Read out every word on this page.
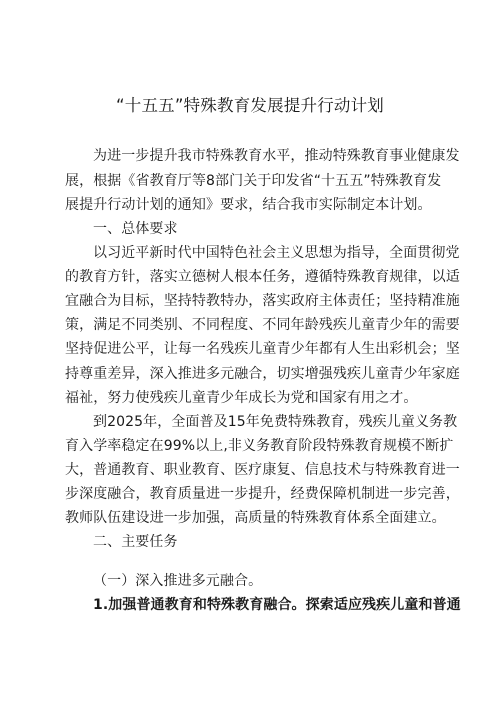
“十五五”特殊教育发展提升行动计划
为进一步提升我市特殊教育水平，推动特殊教育事业健康发
展，根据《省教育厅等8部门关于印发省“十五五”特殊教育发
展提升行动计划的通知》要求，结合我市实际制定本计划。
一、总体要求
以习近平新时代中国特色社会主义思想为指导，全面贯彻党
的教育方针，落实立德树人根本任务，遵循特殊教育规律，以适
宜融合为目标，坚持特教特办，落实政府主体责任；坚持精准施
策，满足不同类别、不同程度、不同年龄残疾儿童青少年的需要
坚持促进公平，让每一名残疾儿童青少年都有人生出彩机会；坚
持尊重差异，深入推进多元融合，切实增强残疾儿童青少年家庭
福祉，努力使残疾儿童青少年成长为党和国家有用之才。
到2025年，全面普及15年免费特殊教育，残疾儿童义务教
育入学率稳定在99%以上,非义务教育阶段特殊教育规模不断扩
大，普通教育、职业教育、医疗康复、信息技术与特殊教育进一
步深度融合，教育质量进一步提升，经费保障机制进一步完善，
教师队伍建设进一步加强，高质量的特殊教育体系全面建立。
二、主要任务
（一）深入推进多元融合。
1.加强普通教育和特殊教育融合。探索适应残疾儿童和普通
